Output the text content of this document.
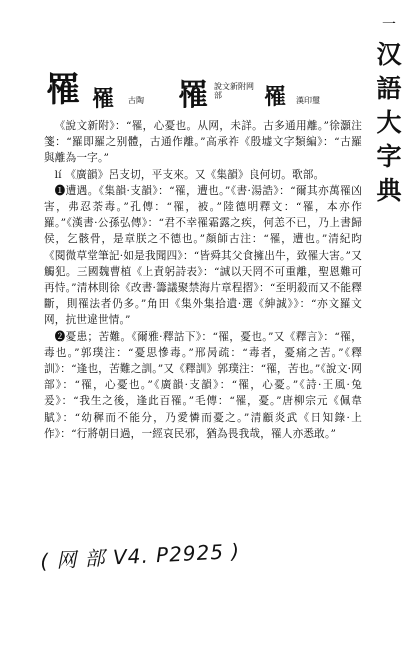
一
汉
語
大
字
典
罹 罹 古陶 罹 說文新附网部	罹 漢印璽

《說文新附》：“罹，心憂也。从网，未詳。古多通用離。”徐灝注箋：“羅即羅之别體，古通作離。”高承祚《殷墟文字類編》：“古羅與離為一字。”

lí 《廣韻》呂支切，平支來。又《集韻》良何切。歌部。

❶遭遇。《集韻·支韻》：“罹，遭也。”《書·湯誥》：“爾其亦萬罹凶害，弗忍荼毒。”孔傳：“罹，被。”陸德明釋文：“罹，本亦作羅。”《漢書·公孫弘傳》：“君不幸罹霜露之疾，何恙不已，乃上書歸侯，乞骸骨，是章朕之不德也。”顏師古注：“罹，遭也。”清紀昀《閱微草堂筆記·如是我聞四》：“皆舜其父食擁出牛，致罹大害。”又觸犯。三國魏曹植《上責躬詩表》：“誠以天罔不可重離，聖恩難可再恃。”清林則徐《改書·籌議聚禁海片章程摺》：“至明殺而又不能釋斷，則罹法者仍多。”角田《集外集拾遺·選《紳誠》》：“亦文羅文网，抗世違世情。”

❷憂患；苦難。《爾雅·釋詁下》：“罹，憂也。”又《釋言》：“罹，毒也。”郭璞注：“憂思慘毒。”邢昺疏：“毒者，憂痛之苦。”《釋訓》：“逢也，苦難之訓。”又《釋訓》郭璞注：“罹，苦也。”《說文·网部》：“罹，心憂也。”《廣韻·支韻》：“罹，心憂。”《詩·王風·兔爰》：“我生之後，逢此百罹。”毛傳：“罹，憂。”唐柳宗元《佩韋賦》：“幼穉而不能分，乃愛憐而憂之。”清顧炎武《日知錄·上作》：“行將朝日過，一經哀民邪，猶為畏我哉，罹人亦悉敢。”

( 网 部 V4. P2925 )
